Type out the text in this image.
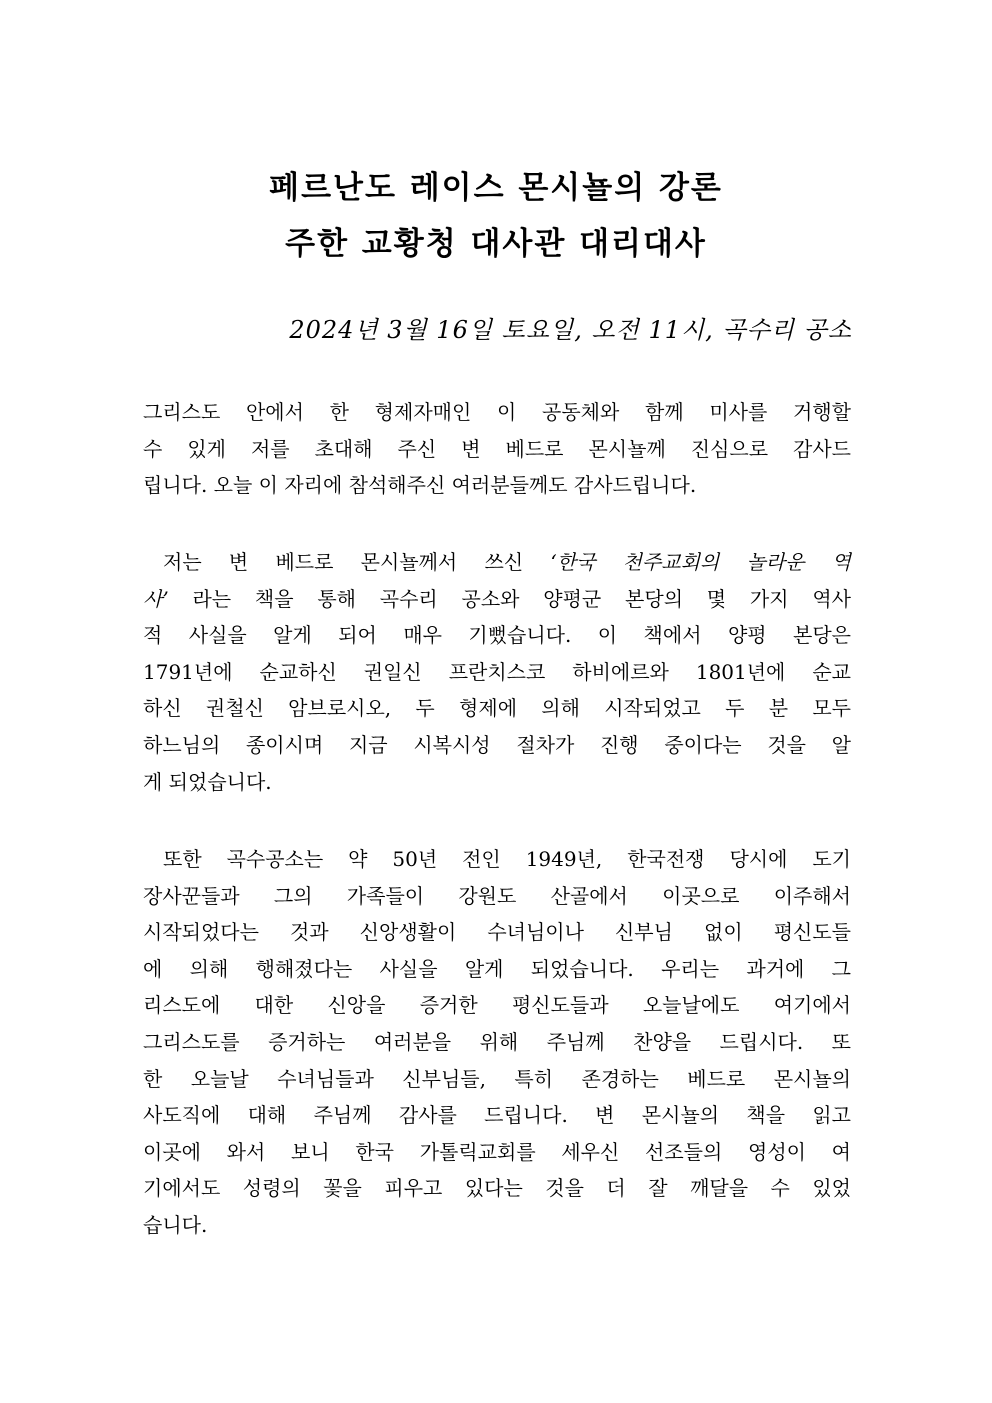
페르난도 레이스 몬시뇰의 강론
주한 교황청 대사관 대리대사
2024년 3월 16일 토요일, 오전 11시, 곡수리 공소
그리스도 안에서 한 형제자매인 이 공동체와 함께 미사를 거행할
수 있게 저를 초대해 주신 변 베드로 몬시뇰께 진심으로 감사드
립니다. 오늘 이 자리에 참석해주신 여러분들께도 감사드립니다.
저는 변 베드로 몬시뇰께서 쓰신 ‘한국 천주교회의 놀라운 역
사’ 라는 책을 통해 곡수리 공소와 양평군 본당의 몇 가지 역사
적 사실을 알게 되어 매우 기뻤습니다. 이 책에서 양평 본당은
1791년에 순교하신 권일신 프란치스코 하비에르와 1801년에 순교
하신 권철신 암브로시오, 두 형제에 의해 시작되었고 두 분 모두
하느님의 종이시며 지금 시복시성 절차가 진행 중이다는 것을 알
게 되었습니다.
또한 곡수공소는 약 50년 전인 1949년, 한국전쟁 당시에 도기
장사꾼들과 그의 가족들이 강원도 산골에서 이곳으로 이주해서
시작되었다는 것과 신앙생활이 수녀님이나 신부님 없이 평신도들
에 의해 행해졌다는 사실을 알게 되었습니다. 우리는 과거에 그
리스도에 대한 신앙을 증거한 평신도들과 오늘날에도 여기에서
그리스도를 증거하는 여러분을 위해 주님께 찬양을 드립시다. 또
한 오늘날 수녀님들과 신부님들, 특히 존경하는 베드로 몬시뇰의
사도직에 대해 주님께 감사를 드립니다. 변 몬시뇰의 책을 읽고
이곳에 와서 보니 한국 가톨릭교회를 세우신 선조들의 영성이 여
기에서도 성령의 꽃을 피우고 있다는 것을 더 잘 깨달을 수 있었
습니다.
